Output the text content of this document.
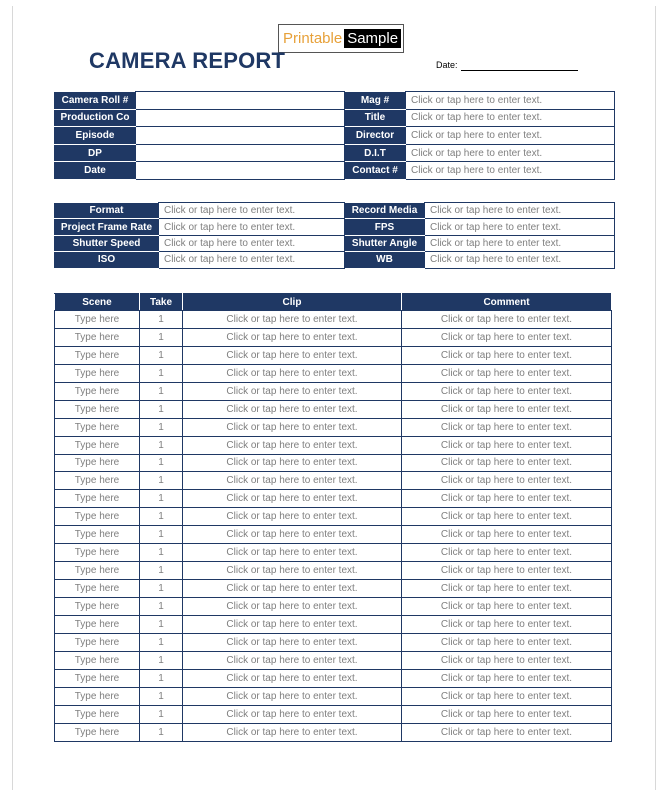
Printable Sample
CAMERA REPORT	Date:
Camera Roll #		Mag #	Click or tap here to enter text.
Production Co		Title	Click or tap here to enter text.
Episode		Director	Click or tap here to enter text.
DP		D.I.T	Click or tap here to enter text.
Date		Contact #	Click or tap here to enter text.
Format	Click or tap here to enter text.	Record Media	Click or tap here to enter text.
Project Frame Rate	Click or tap here to enter text.	FPS	Click or tap here to enter text.
Shutter Speed	Click or tap here to enter text.	Shutter Angle	Click or tap here to enter text.
ISO	Click or tap here to enter text.	WB	Click or tap here to enter text.
Scene	Take	Clip	Comment
Type here	1	Click or tap here to enter text.	Click or tap here to enter text.
Type here	1	Click or tap here to enter text.	Click or tap here to enter text.
Type here	1	Click or tap here to enter text.	Click or tap here to enter text.
Type here	1	Click or tap here to enter text.	Click or tap here to enter text.
Type here	1	Click or tap here to enter text.	Click or tap here to enter text.
Type here	1	Click or tap here to enter text.	Click or tap here to enter text.
Type here	1	Click or tap here to enter text.	Click or tap here to enter text.
Type here	1	Click or tap here to enter text.	Click or tap here to enter text.
Type here	1	Click or tap here to enter text.	Click or tap here to enter text.
Type here	1	Click or tap here to enter text.	Click or tap here to enter text.
Type here	1	Click or tap here to enter text.	Click or tap here to enter text.
Type here	1	Click or tap here to enter text.	Click or tap here to enter text.
Type here	1	Click or tap here to enter text.	Click or tap here to enter text.
Type here	1	Click or tap here to enter text.	Click or tap here to enter text.
Type here	1	Click or tap here to enter text.	Click or tap here to enter text.
Type here	1	Click or tap here to enter text.	Click or tap here to enter text.
Type here	1	Click or tap here to enter text.	Click or tap here to enter text.
Type here	1	Click or tap here to enter text.	Click or tap here to enter text.
Type here	1	Click or tap here to enter text.	Click or tap here to enter text.
Type here	1	Click or tap here to enter text.	Click or tap here to enter text.
Type here	1	Click or tap here to enter text.	Click or tap here to enter text.
Type here	1	Click or tap here to enter text.	Click or tap here to enter text.
Type here	1	Click or tap here to enter text.	Click or tap here to enter text.
Type here	1	Click or tap here to enter text.	Click or tap here to enter text.
